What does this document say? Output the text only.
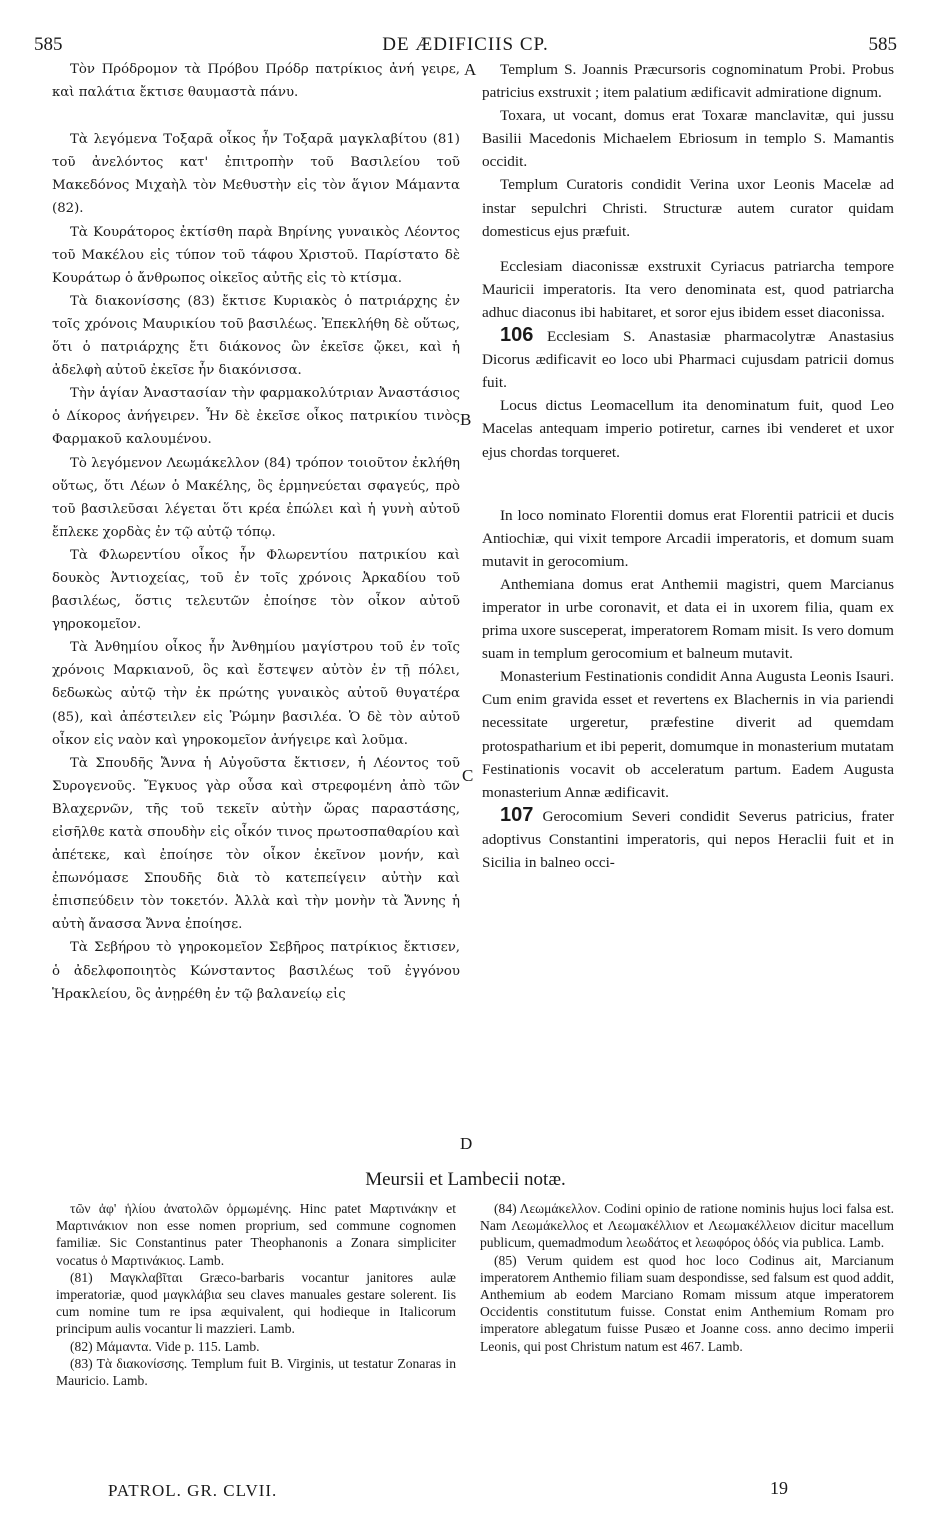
585	DE ÆDIFICIIS CP.	585

Τὸν Πρόδρομον τὰ Πρόβου Πρόδρ πατρίκιος ἀνή γειρε, καὶ παλάτια ἔκτισε θαυμαστὰ πάνυ.

Τὰ λεγόμενα Τοξαρᾶ οἶκος ἦν Τοξαρᾶ μαγκλαβίτου (81) τοῦ ἀνελόντος κατ' ἐπιτροπὴν τοῦ Βασιλείου τοῦ Μακεδόνος Μιχαὴλ τὸν Μεθυστὴν εἰς τὸν ἅγιον Μάμαντα (82).

Τὰ Κουράτορος ἐκτίσθη παρὰ Βηρίνης γυναικὸς Λέοντος τοῦ Μακέλου εἰς τύπον τοῦ τάφου Χριστοῦ. Παρίστατο δὲ Κουράτωρ ὁ ἄνθρωπος οἰκεῖος αὐτῆς εἰς τὸ κτίσμα.

Τὰ διακονίσσης (83) ἔκτισε Κυριακὸς ὁ πατριάρχης ἐν τοῖς χρόνοις Μαυρικίου τοῦ βασιλέως. Ἐπεκλήθη δὲ οὕτως, ὅτι ὁ πατριάρχης ἔτι διάκονος ὢν ἐκεῖσε ᾤκει, καὶ ἡ ἀδελφὴ αὐτοῦ ἐκεῖσε ἦν διακόνισσα.

Τὴν ἁγίαν Ἀναστασίαν τὴν φαρμακολύτριαν Ἀναστάσιος ὁ Δίκορος ἀνήγειρεν. Ἦν δὲ ἐκεῖσε οἶκος πατρικίου τινὸς Φαρμακοῦ καλουμένου.

Τὸ λεγόμενον Λεωμάκελλον (84) τρόπον τοιοῦτον ἐκλήθη οὕτως, ὅτι Λέων ὁ Μακέλης, ὃς ἑρμηνεύεται σφαγεύς, πρὸ τοῦ βασιλεῦσαι λέγεται ὅτι κρέα ἐπώλει καὶ ἡ γυνὴ αὐτοῦ ἔπλεκε χορδὰς ἐν τῷ αὐτῷ τόπῳ.

Τὰ Φλωρεντίου οἶκος ἦν Φλωρεντίου πατρικίου καὶ δουκὸς Ἀντιοχείας, τοῦ ἐν τοῖς χρόνοις Ἀρκαδίου τοῦ βασιλέως, ὅστις τελευτῶν ἐποίησε τὸν οἶκον αὐτοῦ γηροκομεῖον.

Τὰ Ἀνθημίου οἶκος ἦν Ἀνθημίου μαγίστρου τοῦ ἐν τοῖς χρόνοις Μαρκιανοῦ, ὃς καὶ ἔστεψεν αὐτὸν ἐν τῇ πόλει, δεδωκὼς αὐτῷ τὴν ἐκ πρώτης γυναικὸς αὐτοῦ θυγατέρα (85), καὶ ἀπέστειλεν εἰς Ῥώμην βασιλέα. Ὁ δὲ τὸν αὐτοῦ οἶκον εἰς ναὸν καὶ γηροκομεῖον ἀνήγειρε καὶ λοῦμα.

Τὰ Σπουδῆς Ἄννα ἡ Αὐγοῦστα ἔκτισεν, ἡ Λέοντος τοῦ Συρογενοῦς. Ἔγκυος γὰρ οὖσα καὶ στρεφομένη ἀπὸ τῶν Βλαχερνῶν, τῆς τοῦ τεκεῖν αὐτὴν ὥρας παραστάσης, εἰσῆλθε κατὰ σπουδὴν εἰς οἶκόν τινος πρωτοσπαθαρίου καὶ ἀπέτεκε, καὶ ἐποίησε τὸν οἶκον ἐκεῖνον μονήν, καὶ ἐπωνόμασε Σπουδῆς διὰ τὸ κατεπείγειν αὐτὴν καὶ ἐπισπεύδειν τὸν τοκετόν. Ἀλλὰ καὶ τὴν μονὴν τὰ Ἄννης ἡ αὐτὴ ἄνασσα Ἄννα ἐποίησε.

Τὰ Σεβήρου τὸ γηροκομεῖον Σεβῆρος πατρίκιος ἔκτισεν, ὁ ἀδελφοποιητὸς Κώνσταντος βασιλέως τοῦ ἐγγόνου Ἡρακλείου, ὃς ἀνῃρέθη ἐν τῷ βαλανείῳ εἰς

Templum S. Joannis Præcursoris cognominatum Probi. Probus patricius exstruxit ; item palatium ædificavit admiratione dignum.

Toxara, ut vocant, domus erat Toxaræ manclavitæ, qui jussu Basilii Macedonis Michaelem Ebriosum in templo S. Mamantis occidit.

Templum Curatoris condidit Verina uxor Leonis Macelæ ad instar sepulchri Christi. Structuræ autem curator quidam domesticus ejus præfuit.

Ecclesiam diaconissæ exstruxit Cyriacus patriarcha tempore Mauricii imperatoris. Ita vero denominata est, quod patriarcha adhuc diaconus ibi habitaret, et soror ejus ibidem esset diaconissa.

106 Ecclesiam S. Anastasiæ pharmacolytræ Anastasius Dicorus ædificavit eo loco ubi Pharmaci cujusdam patricii domus fuit.

Locus dictus Leomacellum ita denominatum fuit, quod Leo Macelas antequam imperio potiretur, carnes ibi venderet et uxor ejus chordas torqueret.

In loco nominato Florentii domus erat Florentii patricii et ducis Antiochiæ, qui vixit tempore Arcadii imperatoris, et domum suam mutavit in gerocomium.

Anthemiana domus erat Anthemii magistri, quem Marcianus imperator in urbe coronavit, et data ei in uxorem filia, quam ex prima uxore susceperat, imperatorem Romam misit. Is vero domum suam in templum gerocomium et balneum mutavit.

Monasterium Festinationis condidit Anna Augusta Leonis Isauri. Cum enim gravida esset et revertens ex Blachernis in via pariendi necessitate urgeretur, præfestine diverit ad quemdam protospatharium et ibi peperit, domumque in monasterium mutatam Festinationis vocavit ob acceleratum partum. Eadem Augusta monasterium Annæ ædificavit.

107 Gerocomium Severi condidit Severus patricius, frater adoptivus Constantini imperatoris, qui nepos Heraclii fuit et in Sicilia in balneo occi-

A
B
C
D
Meursii et Lambecii notæ.

τῶν ἀφ' ἡλίου ἀνατολῶν ὁρμωμένης. Hinc patet Μαρτινάκην et Μαρτινάκιον non esse nomen proprium, sed commune cognomen familiæ. Sic Constantinus pater Theophanonis a Zonara simpliciter vocatus ὁ Μαρτινάκιος. Lamb.

(81) Μαγκλαβῖται Græco-barbaris vocantur janitores aulæ imperatoriæ, quod μαγκλάβια seu claves manuales gestare solerent. Iis cum nomine tum re ipsa æquivalent, qui hodieque in Italicorum principum aulis vocantur li mazzieri. Lamb.

(82) Μάμαντα. Vide p. 115. Lamb.

(83) Τὰ διακονίσσης. Templum fuit B. Virginis, ut testatur Zonaras in Mauricio. Lamb.

(84) Λεωμάκελλον. Codini opinio de ratione nominis hujus loci falsa est. Nam Λεωμάκελλος et Λεωμακέλλιον et Λεωμακέλλειον dicitur macellum publicum, quemadmodum λεωδάτος et λεωφόρος ὁδός via publica. Lamb.

(85) Verum quidem est quod hoc loco Codinus ait, Marcianum imperatorem Anthemio filiam suam despondisse, sed falsum est quod addit, Anthemium ab eodem Marciano Romam missum atque imperatorem Occidentis constitutum fuisse. Constat enim Anthemium Romam pro imperatore ablegatum fuisse Pusæo et Joanne coss. anno decimo imperii Leonis, qui post Christum natum est 467. Lamb.

PATROL. GR. CLVII.	19
